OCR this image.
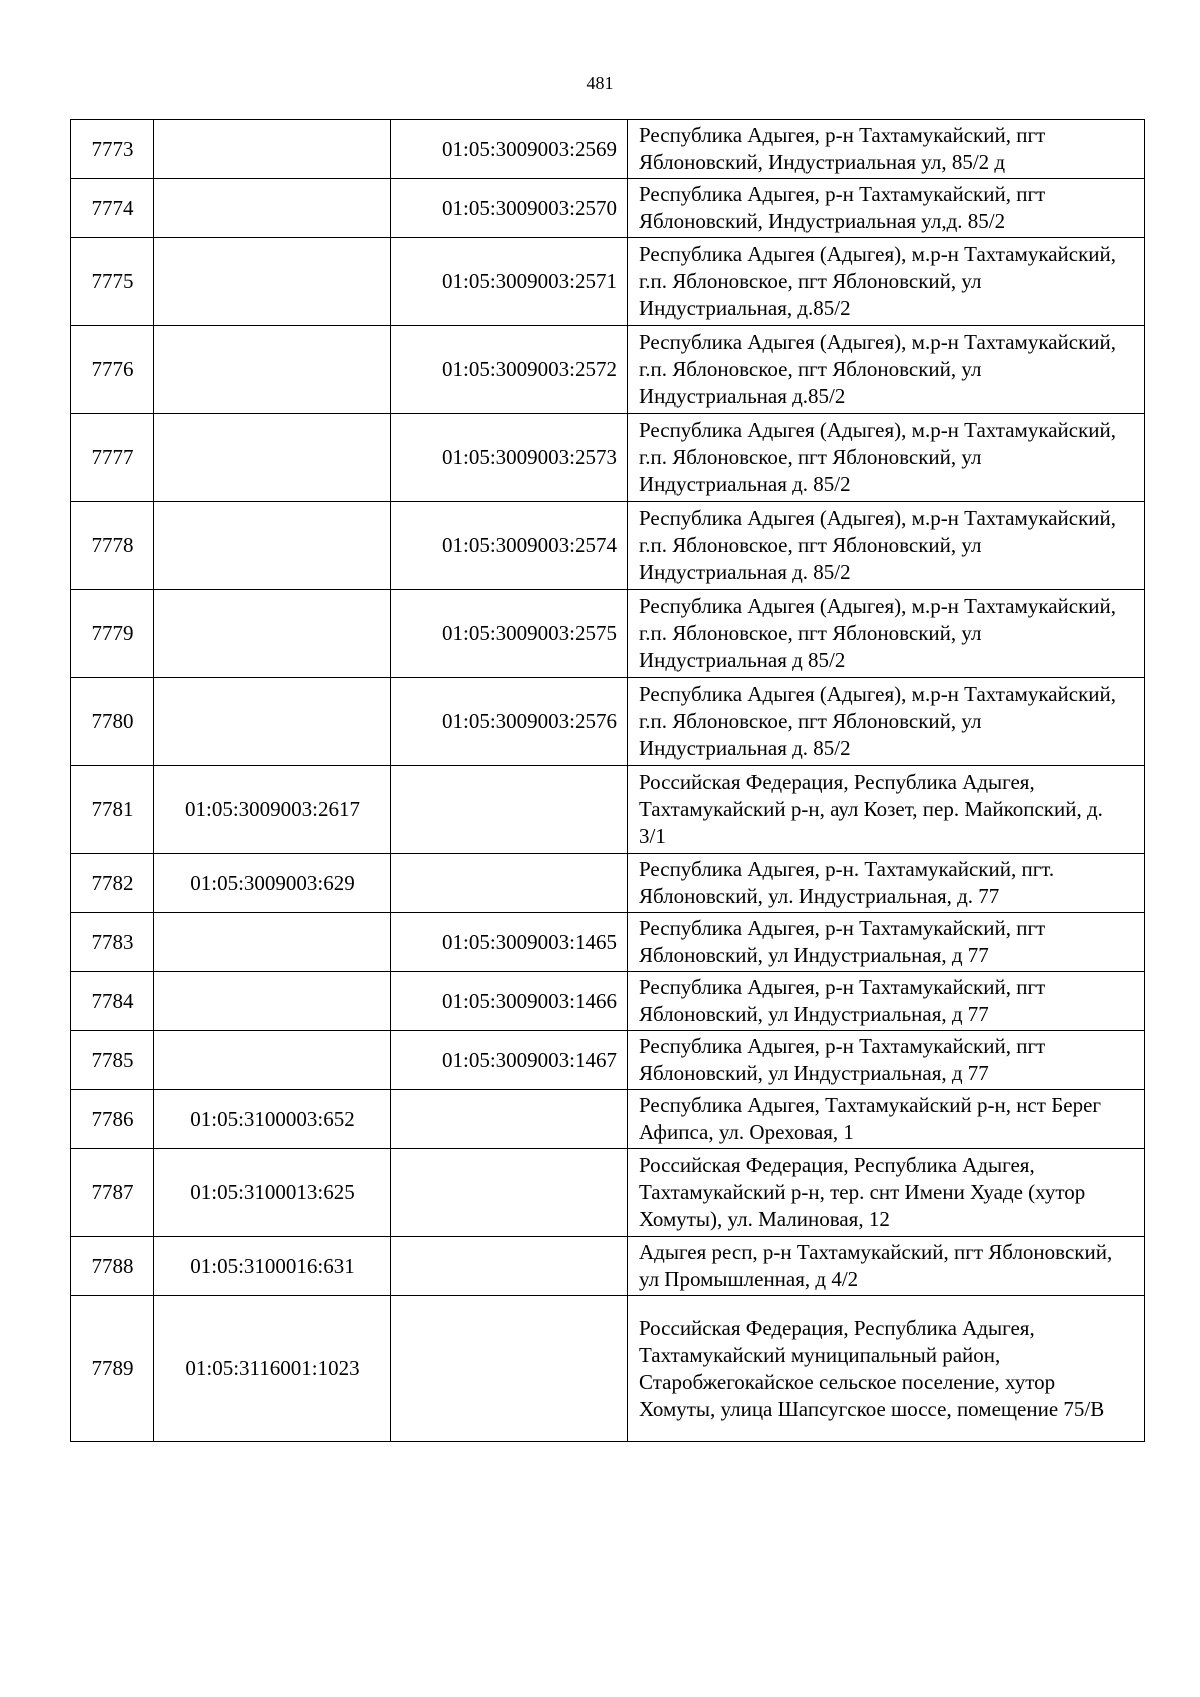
481
7773		01:05:3009003:2569	Республика Адыгея, р-н Тахтамукайский, пгт Яблоновский, Индустриальная ул, 85/2 д
7774		01:05:3009003:2570	Республика Адыгея, р-н Тахтамукайский, пгт Яблоновский, Индустриальная ул,д. 85/2
7775		01:05:3009003:2571	Республика Адыгея (Адыгея), м.р-н Тахтамукайский, г.п. Яблоновское, пгт Яблоновский, ул Индустриальная, д.85/2
7776		01:05:3009003:2572	Республика Адыгея (Адыгея), м.р-н Тахтамукайский, г.п. Яблоновское, пгт Яблоновский, ул Индустриальная д.85/2
7777		01:05:3009003:2573	Республика Адыгея (Адыгея), м.р-н Тахтамукайский, г.п. Яблоновское, пгт Яблоновский, ул Индустриальная д. 85/2
7778		01:05:3009003:2574	Республика Адыгея (Адыгея), м.р-н Тахтамукайский, г.п. Яблоновское, пгт Яблоновский, ул Индустриальная д. 85/2
7779		01:05:3009003:2575	Республика Адыгея (Адыгея), м.р-н Тахтамукайский, г.п. Яблоновское, пгт Яблоновский, ул Индустриальная д 85/2
7780		01:05:3009003:2576	Республика Адыгея (Адыгея), м.р-н Тахтамукайский, г.п. Яблоновское, пгт Яблоновский, ул Индустриальная д. 85/2
7781	01:05:3009003:2617		Российская Федерация, Республика Адыгея, Тахтамукайский р-н, аул Козет, пер. Майкопский, д. 3/1
7782	01:05:3009003:629		Республика Адыгея, р-н. Тахтамукайский, пгт. Яблоновский, ул. Индустриальная, д. 77
7783		01:05:3009003:1465	Республика Адыгея, р-н Тахтамукайский, пгт Яблоновский, ул Индустриальная, д 77
7784		01:05:3009003:1466	Республика Адыгея, р-н Тахтамукайский, пгт Яблоновский, ул Индустриальная, д 77
7785		01:05:3009003:1467	Республика Адыгея, р-н Тахтамукайский, пгт Яблоновский, ул Индустриальная, д 77
7786	01:05:3100003:652		Республика Адыгея, Тахтамукайский р-н, нст Берег Афипса, ул. Ореховая, 1
7787	01:05:3100013:625		Российская Федерация, Республика Адыгея, Тахтамукайский р-н, тер. снт Имени Хуаде (хутор Хомуты), ул. Малиновая, 12
7788	01:05:3100016:631		Адыгея респ, р-н Тахтамукайский, пгт Яблоновский, ул Промышленная, д 4/2
7789	01:05:3116001:1023		Российская Федерация, Республика Адыгея, Тахтамукайский муниципальный район, Старобжегокайское сельское поселение, хутор Хомуты, улица Шапсугское шоссе, помещение 75/В
